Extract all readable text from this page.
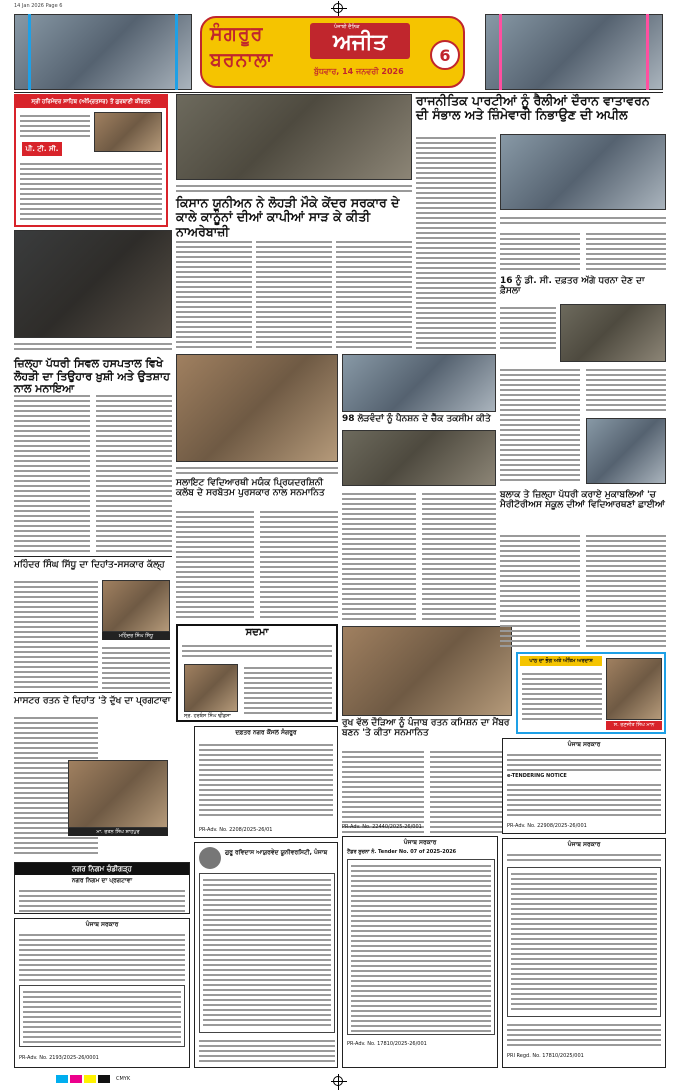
14 Jan 2026 Page 6
ਸੰਗਰੂਰ
ਬਰਨਾਲਾ
ਪੰਜਾਬੀ ਦੈਨਿਕ
ਅਜੀਤ
ਬੁੱਧਵਾਰ, 14 ਜਨਵਰੀ 2026
6
ਸ੍ਰੀ ਹਰਿਮੰਦਰ ਸਾਹਿਬ (ਅੰਮ੍ਰਿਤਸਰ) ਤੋਂ ਗੁਰਬਾਣੀ ਕੀਰਤਨ
ਪੀ. ਟੀ. ਸੀ.
ਜ਼ਿਲ੍ਹਾ ਪੱਧਰੀ ਸਿਵਲ ਹਸਪਤਾਲ ਵਿਖੇ ਲੋਹੜੀ ਦਾ ਤਿਉਹਾਰ ਖ਼ੁਸ਼ੀ ਅਤੇ ਉਤਸ਼ਾਹ ਨਾਲ ਮਨਾਇਆ
ਮਹਿੰਦਰ ਸਿੰਘ ਸਿੱਧੂ ਦਾ ਦਿਹਾਂਤ-ਸਸਕਾਰ ਕੱਲ੍ਹ
ਮਹਿੰਦਰ ਸਿੰਘ ਸਿੱਧੂ
ਮਾਸਟਰ ਰਤਨ ਦੇ ਦਿਹਾਂਤ 'ਤੇ ਦੁੱਖ ਦਾ ਪ੍ਰਗਟਾਵਾ
ਮਾ. ਰਤਨ ਸਿੰਘ ਸ਼ਾਹਪੁਰ
ਨਗਰ ਨਿਗਮ ਚੰਡੀਗੜ੍ਹ
ਨਗਰ ਨਿਗਮ ਦਾ ਪ੍ਰਗਟਾਵਾ
ਪੰਜਾਬ ਸਰਕਾਰ
PR-Adv. No. 2193/2025-26/0001
ਕਿਸਾਨ ਯੂਨੀਅਨ ਨੇ ਲੋਹੜੀ ਮੌਕੇ ਕੇਂਦਰ ਸਰਕਾਰ ਦੇ ਕਾਲੇ ਕਾਨੂੰਨਾਂ ਦੀਆਂ ਕਾਪੀਆਂ ਸਾੜ ਕੇ ਕੀਤੀ ਨਾਅਰੇਬਾਜ਼ੀ
ਸਲਾਇਟ ਵਿਦਿਆਰਥੀ ਮਯੰਕ ਪ੍ਰਿਯਦਰਸ਼ਿਨੀ ਕਲੱਬ ਦੇ ਸਰਬੋਤਮ ਪੁਰਸਕਾਰ ਨਾਲ ਸਨਮਾਨਿਤ
ਸਦਮਾ
ਸ੍ਰ. ਹਰਬੰਸ ਸਿੰਘ ਢੀਂਡਸਾ
ਦਫ਼ਤਰ ਨਗਰ ਕੌਂਸਲ ਸੰਗਰੂਰ
PR-Adv. No. 2208/2025-26/01
ਗੁਰੂ ਰਵਿਦਾਸ ਆਯੁਰਵੇਦ ਯੂਨੀਵਰਸਿਟੀ, ਪੰਜਾਬ
98 ਲੋੜਵੰਦਾਂ ਨੂੰ ਪੈਨਸ਼ਨ ਦੇ ਚੈੱਕ ਤਕਸੀਮ ਕੀਤੇ
ਰੁਖ ਵੱਲ ਦੌੜਿਆ ਨੂੰ ਪੰਜਾਬ ਰਤਨ ਕਮਿਸ਼ਨ ਦਾ ਮੈਂਬਰ ਬਣਨ 'ਤੇ ਕੀਤਾ ਸਨਮਾਨਿਤ
ਪੰਜਾਬ ਸਰਕਾਰ
ਟੈਂਡਰ ਸੂਚਨਾ ਨੰ. Tender No. 07 of 2025-2026
PR-Adv. No. 17810/2025-26/001
ਰਾਜਨੀਤਿਕ ਪਾਰਟੀਆਂ ਨੂੰ ਰੈਲੀਆਂ ਦੌਰਾਨ ਵਾਤਾਵਰਨ ਦੀ ਸੰਭਾਲ ਅਤੇ ਜ਼ਿੰਮੇਵਾਰੀ ਨਿਭਾਉਣ ਦੀ ਅਪੀਲ
16 ਨੂੰ ਡੀ. ਸੀ. ਦਫ਼ਤਰ ਅੱਗੇ ਧਰਨਾ ਦੇਣ ਦਾ ਫ਼ੈਸਲਾ
ਬਲਾਕ ਤੇ ਜ਼ਿਲ੍ਹਾ ਪੱਧਰੀ ਕਰਾਏ ਮੁਕਾਬਲਿਆਂ 'ਚ ਮੈਰੀਟੋਰੀਅਸ ਸਕੂਲ ਦੀਆਂ ਵਿਦਿਆਰਥਣਾਂ ਛਾਈਆਂ
ਪਾਠ ਦਾ ਭੋਗ ਅਤੇ ਅੰਤਿਮ ਅਰਦਾਸ
ਸ. ਰਣਜੀਤ ਸਿੰਘ ਮਾਨ
ਪੰਜਾਬ ਸਰਕਾਰ
e-TENDERING NOTICE
PR-Adv. No. 22908/2025-26/001
ਪੰਜਾਬ ਸਰਕਾਰ
PRI Regd. No. 17810/2025/001
PR-Adv. No. 22440/2025-26/001
CMYK
